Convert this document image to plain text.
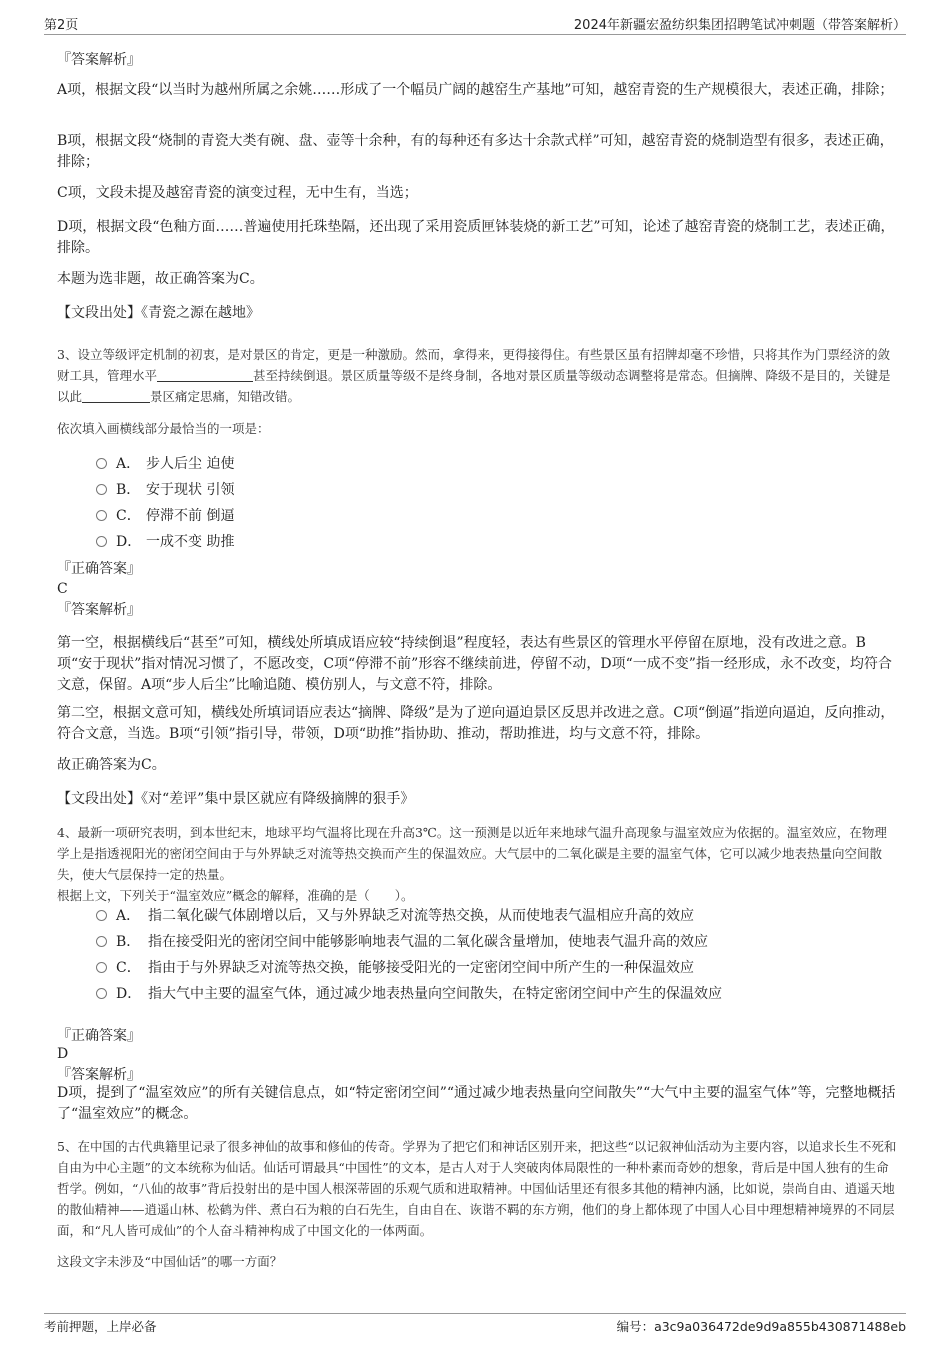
第2页	2024年新疆宏盈纺织集团招聘笔试冲刺题（带答案解析）
『答案解析』
A项，根据文段“以当时为越州所属之余姚……形成了一个幅员广阔的越窑生产基地”可知，越窑青瓷的生产规模很大，表述正确，排除；
B项，根据文段“烧制的青瓷大类有碗、盘、壶等十余种，有的每种还有多达十余款式样”可知，越窑青瓷的烧制造型有很多，表述正确，排除；
C项，文段未提及越窑青瓷的演变过程，无中生有，当选；
D项，根据文段“色釉方面……普遍使用托珠垫隔，还出现了采用瓷质匣钵装烧的新工艺”可知，论述了越窑青瓷的烧制工艺，表述正确，排除。
本题为选非题，故正确答案为C。
【文段出处】《青瓷之源在越地》
3、设立等级评定机制的初衷，是对景区的肯定，更是一种激励。然而，拿得来，更得接得住。有些景区虽有招牌却毫不珍惜，只将其作为门票经济的敛财工具，管理水平	甚至持续倒退。景区质量等级不是终身制，各地对景区质量等级动态调整将是常态。但摘牌、降级不是目的，关键是以此	景区痛定思痛，知错改错。
依次填入画横线部分最恰当的一项是：
A． 步人后尘 迫使
B． 安于现状 引领
C． 停滞不前 倒逼
D． 一成不变 助推
『正确答案』
C
『答案解析』
第一空，根据横线后“甚至”可知，横线处所填成语应较“持续倒退”程度轻，表达有些景区的管理水平停留在原地，没有改进之意。B项“安于现状”指对情况习惯了，不愿改变，C项“停滞不前”形容不继续前进，停留不动，D项“一成不变”指一经形成，永不改变，均符合文意，保留。A项“步人后尘”比喻追随、模仿别人，与文意不符，排除。
第二空，根据文意可知，横线处所填词语应表达“摘牌、降级”是为了逆向逼迫景区反思并改进之意。C项“倒逼”指逆向逼迫，反向推动，符合文意，当选。B项“引领”指引导，带领，D项“助推”指协助、推动，帮助推进，均与文意不符，排除。
故正确答案为C。
【文段出处】《对“差评”集中景区就应有降级摘牌的狠手》
4、最新一项研究表明，到本世纪末，地球平均气温将比现在升高3℃。这一预测是以近年来地球气温升高现象与温室效应为依据的。温室效应，在物理学上是指透视阳光的密闭空间由于与外界缺乏对流等热交换而产生的保温效应。大气层中的二氧化碳是主要的温室气体，它可以减少地表热量向空间散失，使大气层保持一定的热量。
根据上文，下列关于“温室效应”概念的解释，准确的是（　　）。
A． 指二氧化碳气体剧增以后，又与外界缺乏对流等热交换，从而使地表气温相应升高的效应
B． 指在接受阳光的密闭空间中能够影响地表气温的二氧化碳含量增加，使地表气温升高的效应
C． 指由于与外界缺乏对流等热交换，能够接受阳光的一定密闭空间中所产生的一种保温效应
D． 指大气中主要的温室气体，通过减少地表热量向空间散失，在特定密闭空间中产生的保温效应
『正确答案』
D
『答案解析』
D项，提到了“温室效应”的所有关键信息点，如“特定密闭空间”“通过减少地表热量向空间散失”“大气中主要的温室气体”等，完整地概括了“温室效应”的概念。
5、在中国的古代典籍里记录了很多神仙的故事和修仙的传奇。学界为了把它们和神话区别开来，把这些“以记叙神仙活动为主要内容，以追求长生不死和自由为中心主题”的文本统称为仙话。仙话可谓最具“中国性”的文本，是古人对于人突破肉体局限性的一种朴素而奇妙的想象，背后是中国人独有的生命哲学。例如，“八仙的故事”背后投射出的是中国人根深蒂固的乐观气质和进取精神。中国仙话里还有很多其他的精神内涵，比如说，崇尚自由、逍遥天地的散仙精神——逍遥山林、松鹤为伴、煮白石为粮的白石先生，自由自在、诙谐不羁的东方朔，他们的身上都体现了中国人心目中理想精神境界的不同层面，和“凡人皆可成仙”的个人奋斗精神构成了中国文化的一体两面。
这段文字未涉及“中国仙话”的哪一方面？
考前押题，上岸必备	编号：a3c9a036472de9d9a855b430871488eb
